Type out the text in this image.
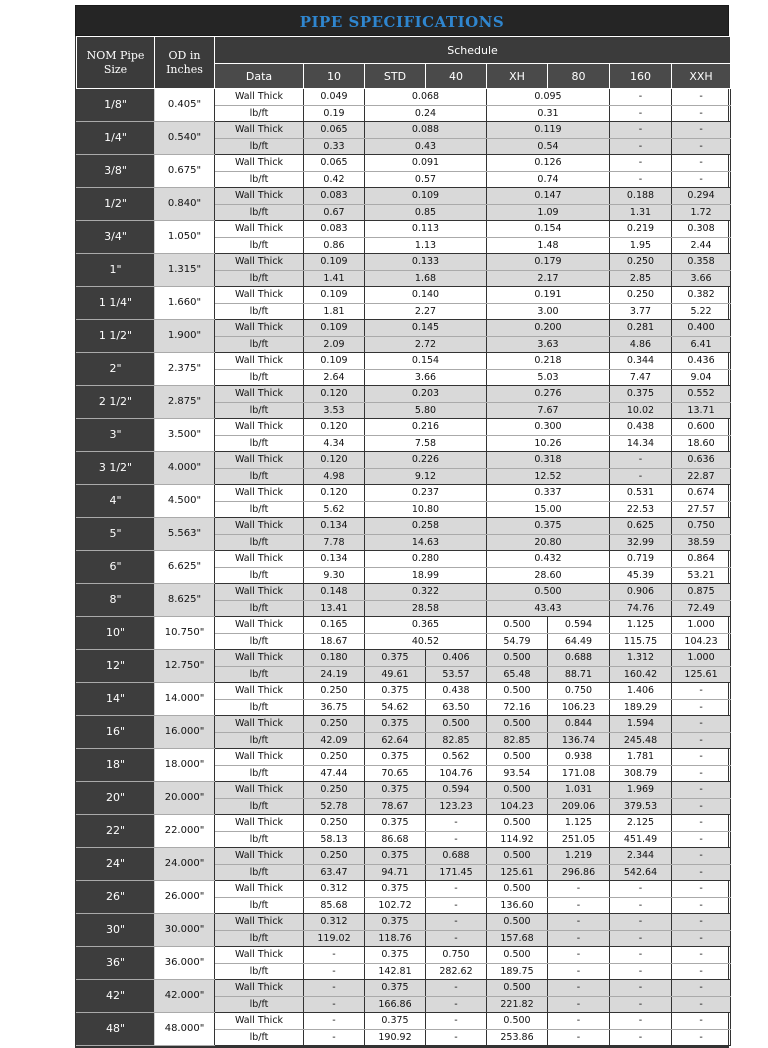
PIPE SPECIFICATIONS
NOM Pipe Size	OD in Inches	Schedule							
		Data	10	STD	40	XH	80	160	XXH
1/8"	0.405"	Wall Thick	0.049	0.068		0.095		-	-
		lb/ft	0.19	0.24		0.31		-	-
1/4"	0.540"	Wall Thick	0.065	0.088		0.119		-	-
		lb/ft	0.33	0.43		0.54		-	-
3/8"	0.675"	Wall Thick	0.065	0.091		0.126		-	-
		lb/ft	0.42	0.57		0.74		-	-
1/2"	0.840"	Wall Thick	0.083	0.109		0.147		0.188	0.294
		lb/ft	0.67	0.85		1.09		1.31	1.72
3/4"	1.050"	Wall Thick	0.083	0.113		0.154		0.219	0.308
		lb/ft	0.86	1.13		1.48		1.95	2.44
1"	1.315"	Wall Thick	0.109	0.133		0.179		0.250	0.358
		lb/ft	1.41	1.68		2.17		2.85	3.66
1 1/4"	1.660"	Wall Thick	0.109	0.140		0.191		0.250	0.382
		lb/ft	1.81	2.27		3.00		3.77	5.22
1 1/2"	1.900"	Wall Thick	0.109	0.145		0.200		0.281	0.400
		lb/ft	2.09	2.72		3.63		4.86	6.41
2"	2.375"	Wall Thick	0.109	0.154		0.218		0.344	0.436
		lb/ft	2.64	3.66		5.03		7.47	9.04
2 1/2"	2.875"	Wall Thick	0.120	0.203		0.276		0.375	0.552
		lb/ft	3.53	5.80		7.67		10.02	13.71
3"	3.500"	Wall Thick	0.120	0.216		0.300		0.438	0.600
		lb/ft	4.34	7.58		10.26		14.34	18.60
3 1/2"	4.000"	Wall Thick	0.120	0.226		0.318		-	0.636
		lb/ft	4.98	9.12		12.52		-	22.87
4"	4.500"	Wall Thick	0.120	0.237		0.337		0.531	0.674
		lb/ft	5.62	10.80		15.00		22.53	27.57
5"	5.563"	Wall Thick	0.134	0.258		0.375		0.625	0.750
		lb/ft	7.78	14.63		20.80		32.99	38.59
6"	6.625"	Wall Thick	0.134	0.280		0.432		0.719	0.864
		lb/ft	9.30	18.99		28.60		45.39	53.21
8"	8.625"	Wall Thick	0.148	0.322		0.500		0.906	0.875
		lb/ft	13.41	28.58		43.43		74.76	72.49
10"	10.750"	Wall Thick	0.165	0.365		0.500	0.594	1.125	1.000
		lb/ft	18.67	40.52		54.79	64.49	115.75	104.23
12"	12.750"	Wall Thick	0.180	0.375	0.406	0.500	0.688	1.312	1.000
		lb/ft	24.19	49.61	53.57	65.48	88.71	160.42	125.61
14"	14.000"	Wall Thick	0.250	0.375	0.438	0.500	0.750	1.406	-
		lb/ft	36.75	54.62	63.50	72.16	106.23	189.29	-
16"	16.000"	Wall Thick	0.250	0.375	0.500	0.500	0.844	1.594	-
		lb/ft	42.09	62.64	82.85	82.85	136.74	245.48	-
18"	18.000"	Wall Thick	0.250	0.375	0.562	0.500	0.938	1.781	-
		lb/ft	47.44	70.65	104.76	93.54	171.08	308.79	-
20"	20.000"	Wall Thick	0.250	0.375	0.594	0.500	1.031	1.969	-
		lb/ft	52.78	78.67	123.23	104.23	209.06	379.53	-
22"	22.000"	Wall Thick	0.250	0.375	-	0.500	1.125	2.125	-
		lb/ft	58.13	86.68	-	114.92	251.05	451.49	-
24"	24.000"	Wall Thick	0.250	0.375	0.688	0.500	1.219	2.344	-
		lb/ft	63.47	94.71	171.45	125.61	296.86	542.64	-
26"	26.000"	Wall Thick	0.312	0.375	-	0.500	-	-	-
		lb/ft	85.68	102.72	-	136.60	-	-	-
30"	30.000"	Wall Thick	0.312	0.375	-	0.500	-	-	-
		lb/ft	119.02	118.76	-	157.68	-	-	-
36"	36.000"	Wall Thick	-	0.375	0.750	0.500	-	-	-
		lb/ft	-	142.81	282.62	189.75	-	-	-
42"	42.000"	Wall Thick	-	0.375	-	0.500	-	-	-
		lb/ft	-	166.86	-	221.82	-	-	-
48"	48.000"	Wall Thick	-	0.375	-	0.500	-	-	-
		lb/ft	-	190.92	-	253.86	-	-	-
